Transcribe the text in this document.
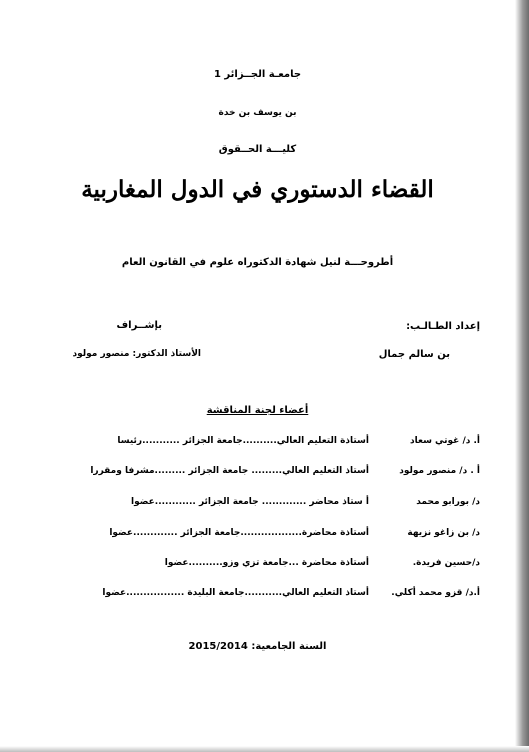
جامعـة الجــزائر 1
بن يوسف بن خدة
كليـــة الحــقوق
القضاء الدستوري في الدول المغاربية
أطروحـــة لنيل شهادة الدكتوراه علوم في القانون العام
إعداد الطـالـب:
بإشــراف
بن سالم جمال
الأستاذ الدكتور: منصور مولود
أعضاء لجنة المناقشة
أ. د/ غوتي سعاد
أستاذة التعليم العالي..........جامعة الجزائر ...........رئيسا
أ . د/ منصور مولود
أستاذ التعليم العالي......... جامعة الجزائر .........مشرفا ومقررا
د/ بورابو محمد
أ ستاذ محاضر ............. جامعة الجزائر ............عضوا
د/ بن زاغو نزيهة
أستاذة محاضرة..................جامعة الجزائر .............عضوا
د/حسين فريدة.
أستاذة محاضرة ...جامعة تزي وزو..........عضوا
أ.د/ قزو محمد أكلي.
أستاذ التعليم العالي...........جامعة البليدة .................عضوا
السنة الجامعية: 2015/2014
